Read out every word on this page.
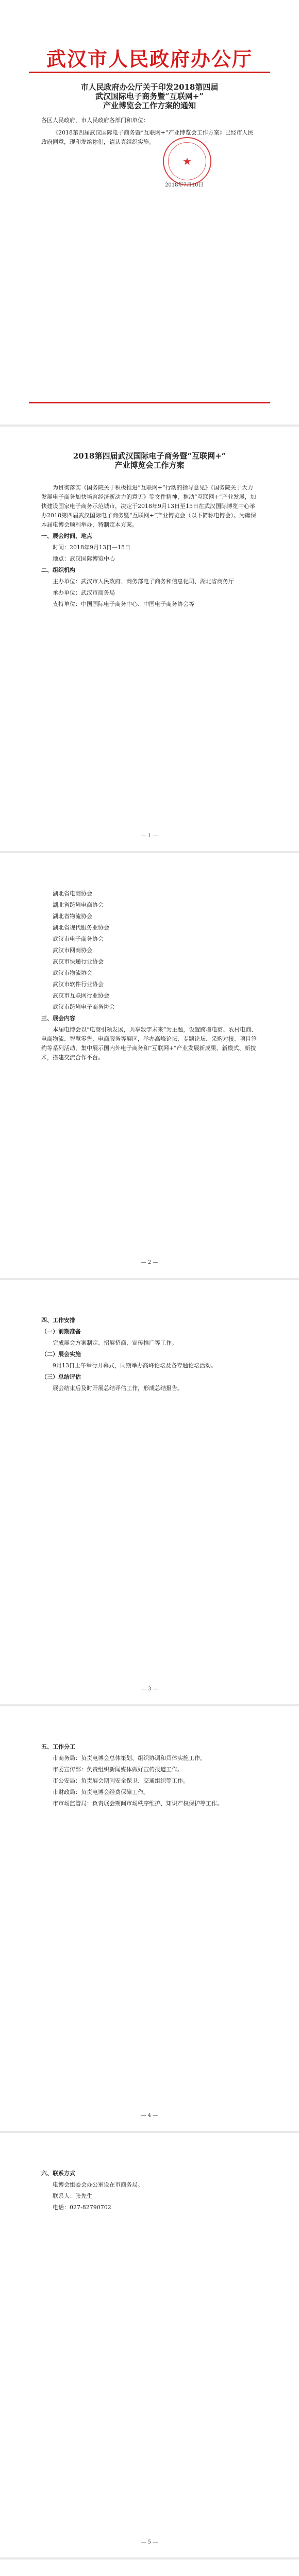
武汉市人民政府办公厅
市人民政府办公厅关于印发2018第四届
武汉国际电子商务暨“互联网+”
产业博览会工作方案的通知

各区人民政府，市人民政府各部门和单位：

《2018第四届武汉国际电子商务暨“互联网+”产业博览会工作方案》已经市人民政府同意，现印发给你们，请认真组织实施。

★
2018年7月10日
2018第四届武汉国际电子商务暨“互联网+”
产业博览会工作方案

为贯彻落实《国务院关于积极推进“互联网+”行动的指导意见》《国务院关于大力发展电子商务加快培育经济新动力的意见》等文件精神，推动“互联网+”产业发展，加快建设国家电子商务示范城市，决定于2018年9月13日至15日在武汉国际博览中心举办2018第四届武汉国际电子商务暨“互联网+”产业博览会（以下简称电博会）。为确保本届电博会顺利举办，特制定本方案。

一、展会时间、地点

时间：2018年9月13日—15日

地点：武汉国际博览中心

二、组织机构

主办单位：武汉市人民政府、商务部电子商务和信息化司、湖北省商务厅

承办单位：武汉市商务局

支持单位：中国国际电子商务中心、中国电子商务协会等

— 1 —

湖北省电商协会

湖北省跨境电商协会

湖北省物流协会

湖北省现代服务业协会

武汉市电子商务协会

武汉市网商协会

武汉市快递行业协会

武汉市物流协会

武汉市软件行业协会

武汉市互联网行业协会

武汉市跨境电子商务协会

三、展会内容

本届电博会以“电商引领发展，共享数字未来”为主题，设置跨境电商、农村电商、电商物流、智慧零售、电商服务等展区，举办高峰论坛、专题论坛、采购对接、项目签约等系列活动，集中展示国内外电子商务和“互联网+”产业发展新成果、新模式、新技术，搭建交流合作平台。

— 2 —

四、工作安排

（一）前期准备

完成展会方案制定、招展招商、宣传推广等工作。

（二）展会实施

9月13日上午举行开幕式，同期举办高峰论坛及各专题论坛活动。

（三）总结评估

展会结束后及时开展总结评估工作，形成总结报告。

— 3 —

五、工作分工

市商务局：负责电博会总体策划、组织协调和具体实施工作。

市委宣传部：负责组织新闻媒体做好宣传报道工作。

市公安局：负责展会期间安全保卫、交通组织等工作。

市财政局：负责电博会经费保障工作。

市市场监管局：负责展会期间市场秩序维护、知识产权保护等工作。

— 4 —

六、联系方式

电博会组委会办公室设在市商务局。

联系人：张先生

电话：027-82790702

— 5 —
